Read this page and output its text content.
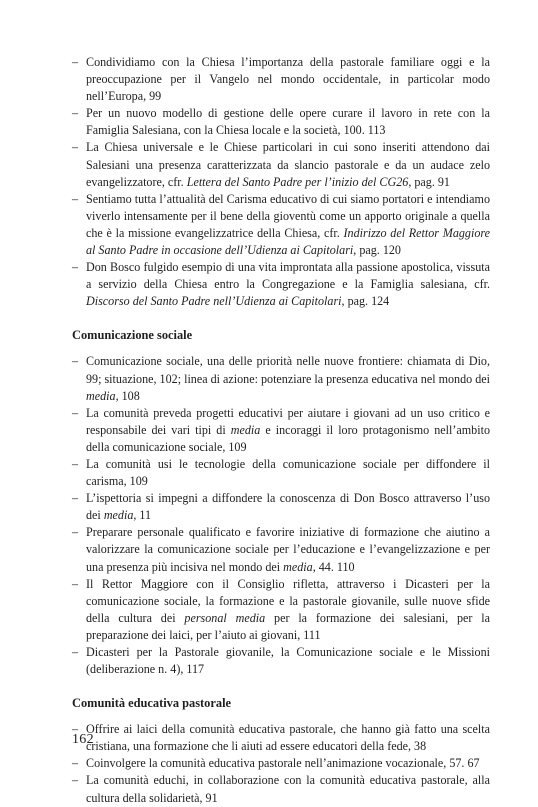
– Condividiamo con la Chiesa l’importanza della pastorale familiare oggi e la preoccupazione per il Vangelo nel mondo occidentale, in particolar modo nell’Europa, 99
– Per un nuovo modello di gestione delle opere curare il lavoro in rete con la Famiglia Salesiana, con la Chiesa locale e la società, 100. 113
– La Chiesa universale e le Chiese particolari in cui sono inseriti attendono dai Salesiani una presenza caratterizzata da slancio pastorale e da un audace zelo evangelizzatore, cfr. Lettera del Santo Padre per l’inizio del CG26, pag. 91
– Sentiamo tutta l’attualità del Carisma educativo di cui siamo portatori e intendiamo viverlo intensamente per il bene della gioventù come un apporto originale a quella che è la missione evangelizzatrice della Chiesa, cfr. Indirizzo del Rettor Maggiore al Santo Padre in occasione dell’Udienza ai Capitolari, pag. 120
– Don Bosco fulgido esempio di una vita improntata alla passione apostolica, vissuta a servizio della Chiesa entro la Congregazione e la Famiglia salesiana, cfr. Discorso del Santo Padre nell’Udienza ai Capitolari, pag. 124
Comunicazione sociale
– Comunicazione sociale, una delle priorità nelle nuove frontiere: chiamata di Dio, 99; situazione, 102; linea di azione: potenziare la presenza educativa nel mondo dei media, 108
– La comunità preveda progetti educativi per aiutare i giovani ad un uso critico e responsabile dei vari tipi di media e incoraggi il loro protagonismo nell’ambito della comunicazione sociale, 109
– La comunità usi le tecnologie della comunicazione sociale per diffondere il carisma, 109
– L’ispettoria si impegni a diffondere la conoscenza di Don Bosco attraverso l’uso dei media, 11
– Preparare personale qualificato e favorire iniziative di formazione che aiutino a valorizzare la comunicazione sociale per l’educazione e l’evangelizzazione e per una presenza più incisiva nel mondo dei media, 44. 110
– Il Rettor Maggiore con il Consiglio rifletta, attraverso i Dicasteri per la comunicazione sociale, la formazione e la pastorale giovanile, sulle nuove sfide della cultura dei personal media per la formazione dei salesiani, per la preparazione dei laici, per l’aiuto ai giovani, 111
– Dicasteri per la Pastorale giovanile, la Comunicazione sociale e le Missioni (deliberazione n. 4), 117
Comunità educativa pastorale
– Offrire ai laici della comunità educativa pastorale, che hanno già fatto una scelta cristiana, una formazione che li aiuti ad essere educatori della fede, 38
– Coinvolgere la comunità educativa pastorale nell’animazione vocazionale, 57. 67
– La comunità educhi, in collaborazione con la comunità educativa pastorale, alla cultura della solidarietà, 91
162
